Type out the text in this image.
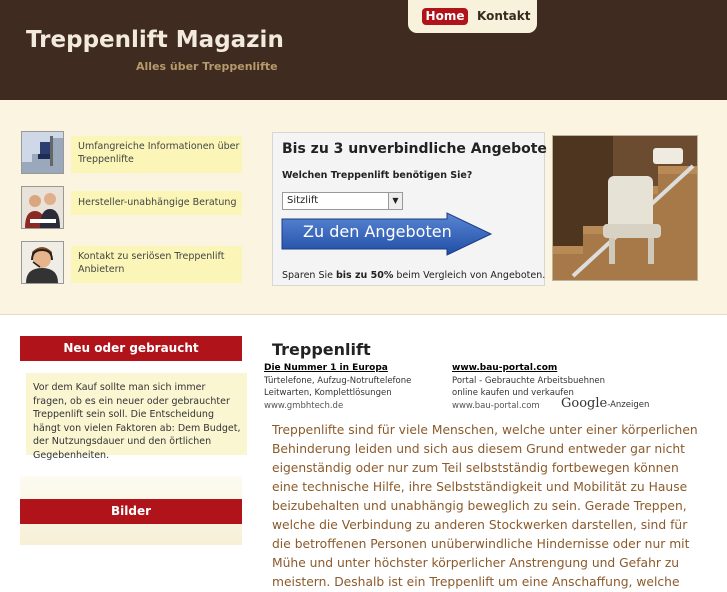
Treppenlift Magazin
Alles über Treppenlifte
Home Kontakt
Umfangreiche Informationen über Treppenlifte
Hersteller-unabhängige Beratung
Kontakt zu seriösen Treppenlift Anbietern
Bis zu 3 unverbindliche Angebote
Welchen Treppenlift benötigen Sie?
Sitzlift	▼
Zu den Angeboten
Sparen Sie bis zu 50% beim Vergleich von Angeboten.
Neu oder gebraucht
Vor dem Kauf sollte man sich immer fragen, ob es ein neuer oder gebrauchter Treppenlift sein soll. Die Entscheidung hängt von vielen Faktoren ab: Dem Budget, der Nutzungsdauer und den örtlichen Gegebenheiten.
Bilder
Treppenlift
Die Nummer 1 in Europa
Türtelefone, Aufzug-Notruftelefone Leitwarten, Komplettlösungen
www.gmbhtech.de
www.bau-portal.com
Portal - Gebrauchte Arbeitsbuehnen online kaufen und verkaufen
www.bau-portal.com	Google-Anzeigen

Treppenlifte sind für viele Menschen, welche unter einer körperlichen Behinderung leiden und sich aus diesem Grund entweder gar nicht eigenständig oder nur zum Teil selbstständig fortbewegen können eine technische Hilfe, ihre Selbstständigkeit und Mobilität zu Hause beizubehalten und unabhängig beweglich zu sein. Gerade Treppen, welche die Verbindung zu anderen Stockwerken darstellen, sind für die betroffenen Personen unüberwindliche Hindernisse oder nur mit Mühe und unter höchster körperlicher Anstrengung und Gefahr zu meistern. Deshalb ist ein Treppenlift um eine Anschaffung, welche
